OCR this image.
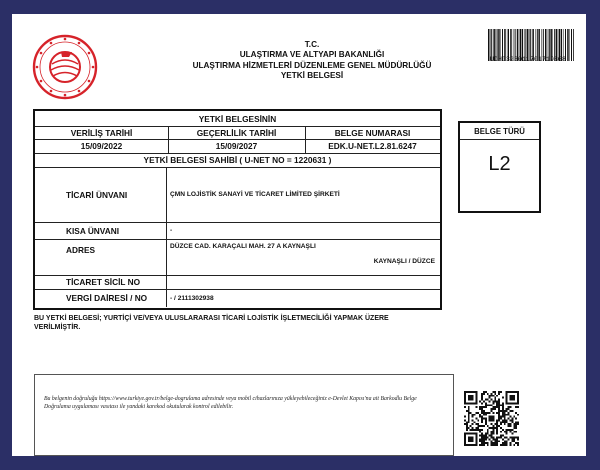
T.C.
ULAŞTIRMA VE ALTYAPI BAKANLIĞI
ULAŞTIRMA HİZMETLERİ DÜZENLEME GENEL MÜDÜRLÜĞÜ
YETKİ BELGESİ
UDH0323011701719868
YETKİ BELGESİNİN
VERİLİŞ TARİHİ	GEÇERLİLİK TARİHİ	BELGE NUMARASI
15/09/2022	15/09/2027	EDK.U-NET.L2.81.6247
YETKİ BELGESİ SAHİBİ ( U-NET NO = 1220631 )
TİCARİ ÜNVANI	ÇMN LOJİSTİK SANAYİ VE TİCARET LİMİTED ŞİRKETİ
KISA ÜNVANI	-
ADRES	DÜZCE CAD. KARAÇALI MAH. 27 A KAYNAŞLI
KAYNAŞLI / DÜZCE
TİCARET SİCİL NO
VERGİ DAİRESİ / NO	- / 2111302938
BU YETKİ BELGESİ; YURTİÇİ VE/VEYA ULUSLARARASI TİCARİ LOJİSTİK İŞLETMECİLİĞİ YAPMAK ÜZERE VERİLMİŞTİR.
BELGE TÜRÜ
L2
Bu belgenin doğruluğu https://www.turkiye.gov.tr/belge-dogrulama adresinde veya mobil cihazlarınıza yükleyebileceğiniz e-Devlet Kapısı'na ait Barkodlu Belge Doğrulama uygulaması vasıtası ile yandaki karekod okutularak kontrol edilebilir.
